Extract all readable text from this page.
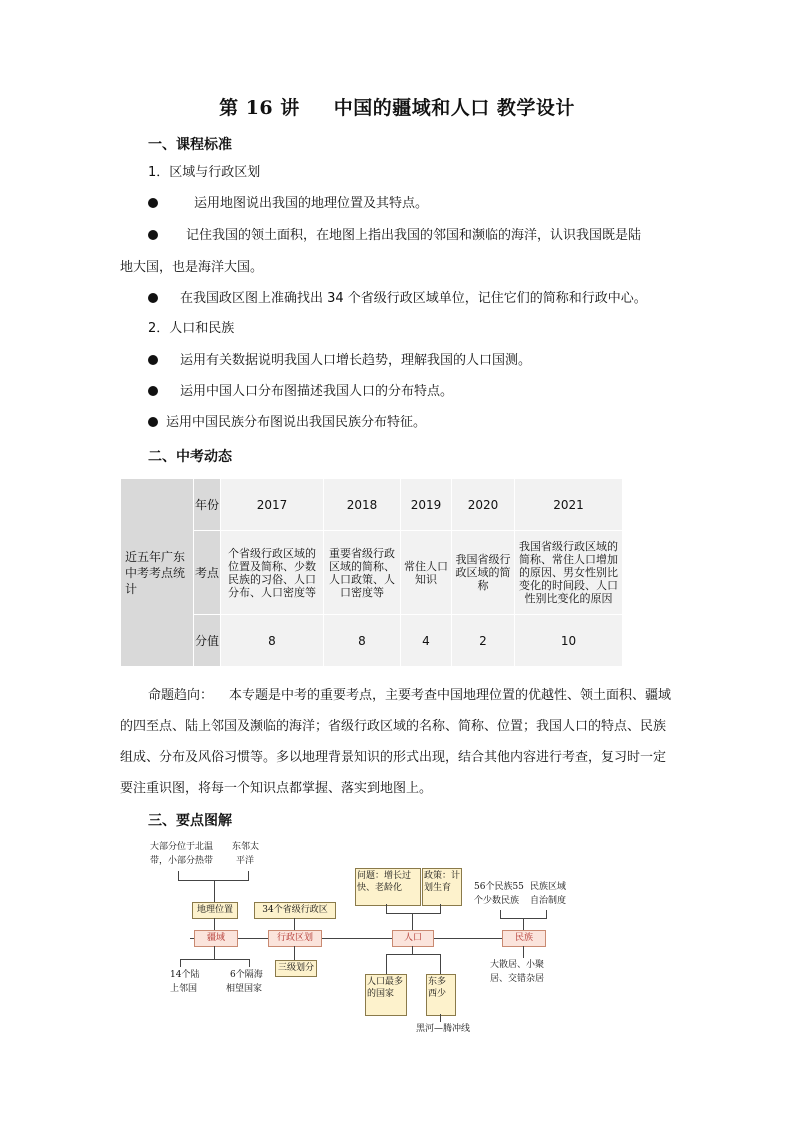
第 16 讲 中国的疆域和人口 教学设计
一、课程标准
1．区域与行政区划
运用地图说出我国的地理位置及其特点。
记住我国的领土面积，在地图上指出我国的邻国和濒临的海洋，认识我国既是陆
地大国，也是海洋大国。
在我国政区图上准确找出 34 个省级行政区域单位，记住它们的简称和行政中心。
2．人口和民族
运用有关数据说明我国人口增长趋势，理解我国的人口国测。
运用中国人口分布图描述我国人口的分布特点。
运用中国民族分布图说出我国民族分布特征。
二、中考动态
近五年广东中考考点统计	年份	2017	2018	2019	2020	2021
	考点	个省级行政区域的位置及简称、少数民族的习俗、人口分布、人口密度等	重要省级行政区域的简称、人口政策、人口密度等	常住人口知识	我国省级行政区域的简称	我国省级行政区域的简称、常住人口增加的原因、男女性别比变化的时间段、人口性别比变化的原因
	分值	8	8	4	2	10
命题趋向： 本专题是中考的重要考点，主要考查中国地理位置的优越性、领土面积、疆域的四至点、陆上邻国及濒临的海洋；省级行政区域的名称、简称、位置；我国人口的特点、民族组成、分布及风俗习惯等。多以地理背景知识的形式出现，结合其他内容进行考查，复习时一定要注重识图，将每一个知识点都掌握、落实到地图上。
三、要点图解
大部分位于北温
带，小部分热带
东邻太
平洋
地理位置
疆域
14个陆
上邻国
6个隔海
相望国家
34个省级行政区
行政区划
三级划分
问题：增长过快、老龄化
政策：计划生育
人口
人口最多的国家
东多西少
黑河—腾冲线
56个民族55
个少数民族
民族区域
自治制度
民族
大散居、小聚
居、交错杂居
